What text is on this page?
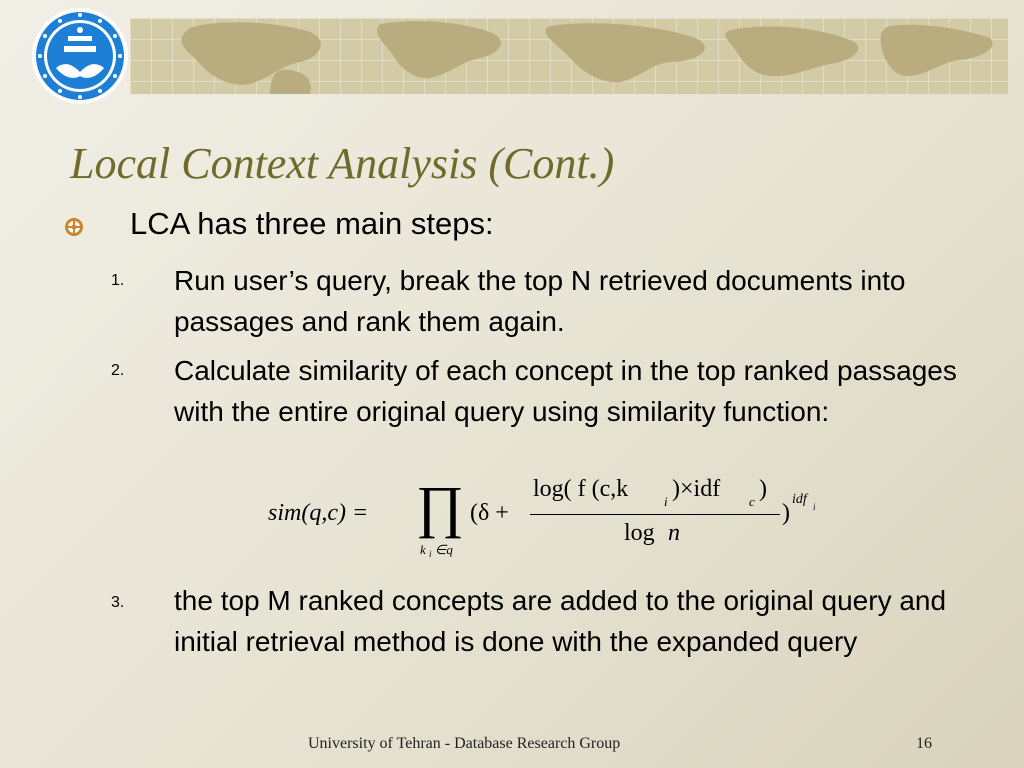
Local Context Analysis (Cont.)
LCA has three main steps:
1. Run user’s query, break the top N retrieved documents into passages and rank them again.
2. Calculate similarity of each concept in the top ranked passages with the entire original query using similarity function:
sim(q,c) = ∏
k i ∈q
(δ +
log( f (c,k	i )×idf c )
log n
)
idf i
3. the top M ranked concepts are added to the original query and initial retrieval method is done with the expanded query
University of Tehran - Database Research Group	16
